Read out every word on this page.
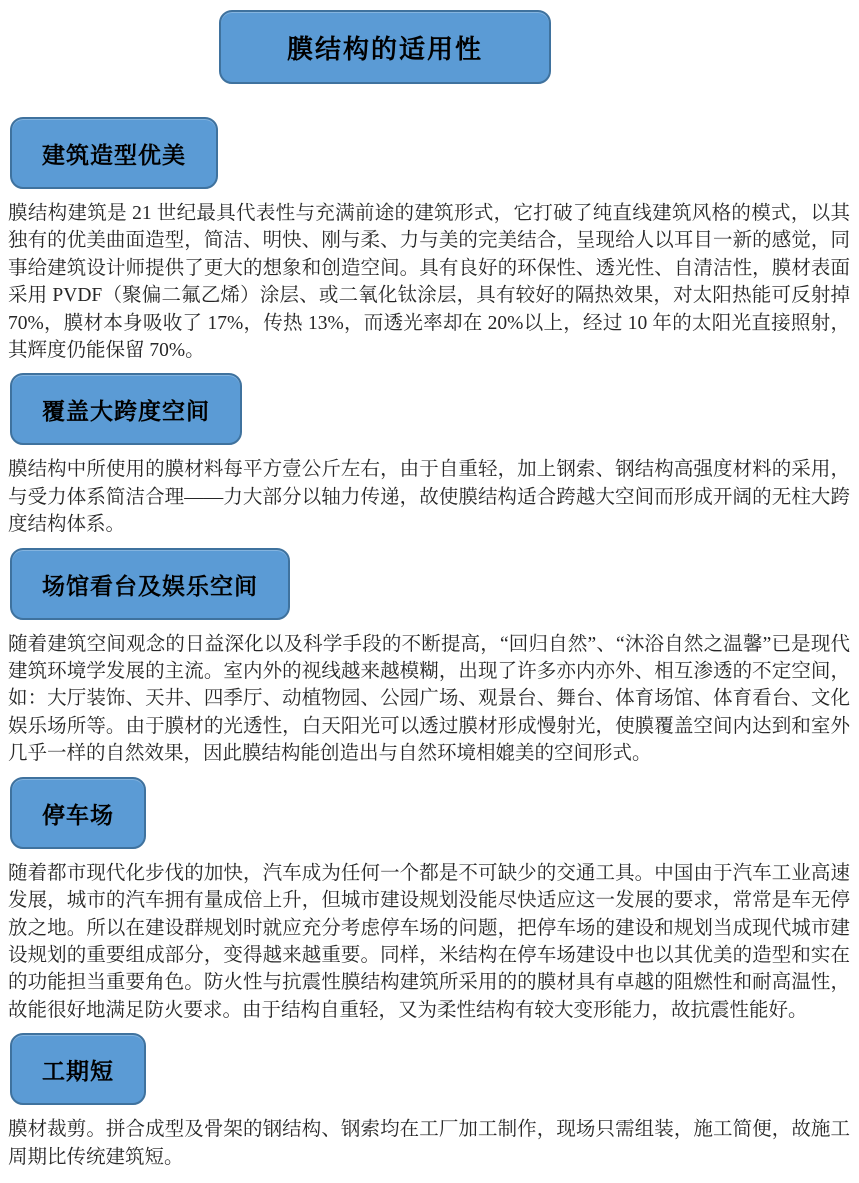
膜结构的适用性
建筑造型优美

膜结构建筑是 21 世纪最具代表性与充满前途的建筑形式，它打破了纯直线建筑风格的模式，以其独有的优美曲面造型，简洁、明快、刚与柔、力与美的完美结合，呈现给人以耳目一新的感觉，同事给建筑设计师提供了更大的想象和创造空间。具有良好的环保性、透光性、自清洁性，膜材表面采用 PVDF（聚偏二氟乙烯）涂层、或二氧化钛涂层，具有较好的隔热效果，对太阳热能可反射掉 70%，膜材本身吸收了 17%，传热 13%，而透光率却在 20%以上，经过 10 年的太阳光直接照射，其辉度仍能保留 70%。

覆盖大跨度空间

膜结构中所使用的膜材料每平方壹公斤左右，由于自重轻，加上钢索、钢结构高强度材料的采用，与受力体系简洁合理——力大部分以轴力传递，故使膜结构适合跨越大空间而形成开阔的无柱大跨度结构体系。

场馆看台及娱乐空间

随着建筑空间观念的日益深化以及科学手段的不断提高，“回归自然”、“沐浴自然之温馨”已是现代建筑环境学发展的主流。室内外的视线越来越模糊，出现了许多亦内亦外、相互渗透的不定空间，如：大厅装饰、天井、四季厅、动植物园、公园广场、观景台、舞台、体育场馆、体育看台、文化娱乐场所等。由于膜材的光透性，白天阳光可以透过膜材形成慢射光，使膜覆盖空间内达到和室外几乎一样的自然效果，因此膜结构能创造出与自然环境相媲美的空间形式。

停车场

随着都市现代化步伐的加快，汽车成为任何一个都是不可缺少的交通工具。中国由于汽车工业高速发展，城市的汽车拥有量成倍上升，但城市建设规划没能尽快适应这一发展的要求，常常是车无停放之地。所以在建设群规划时就应充分考虑停车场的问题，把停车场的建设和规划当成现代城市建设规划的重要组成部分，变得越来越重要。同样，米结构在停车场建设中也以其优美的造型和实在的功能担当重要角色。防火性与抗震性膜结构建筑所采用的的膜材具有卓越的阻燃性和耐高温性，故能很好地满足防火要求。由于结构自重轻，又为柔性结构有较大变形能力，故抗震性能好。

工期短

膜材裁剪。拼合成型及骨架的钢结构、钢索均在工厂加工制作，现场只需组装，施工简便，故施工周期比传统建筑短。
